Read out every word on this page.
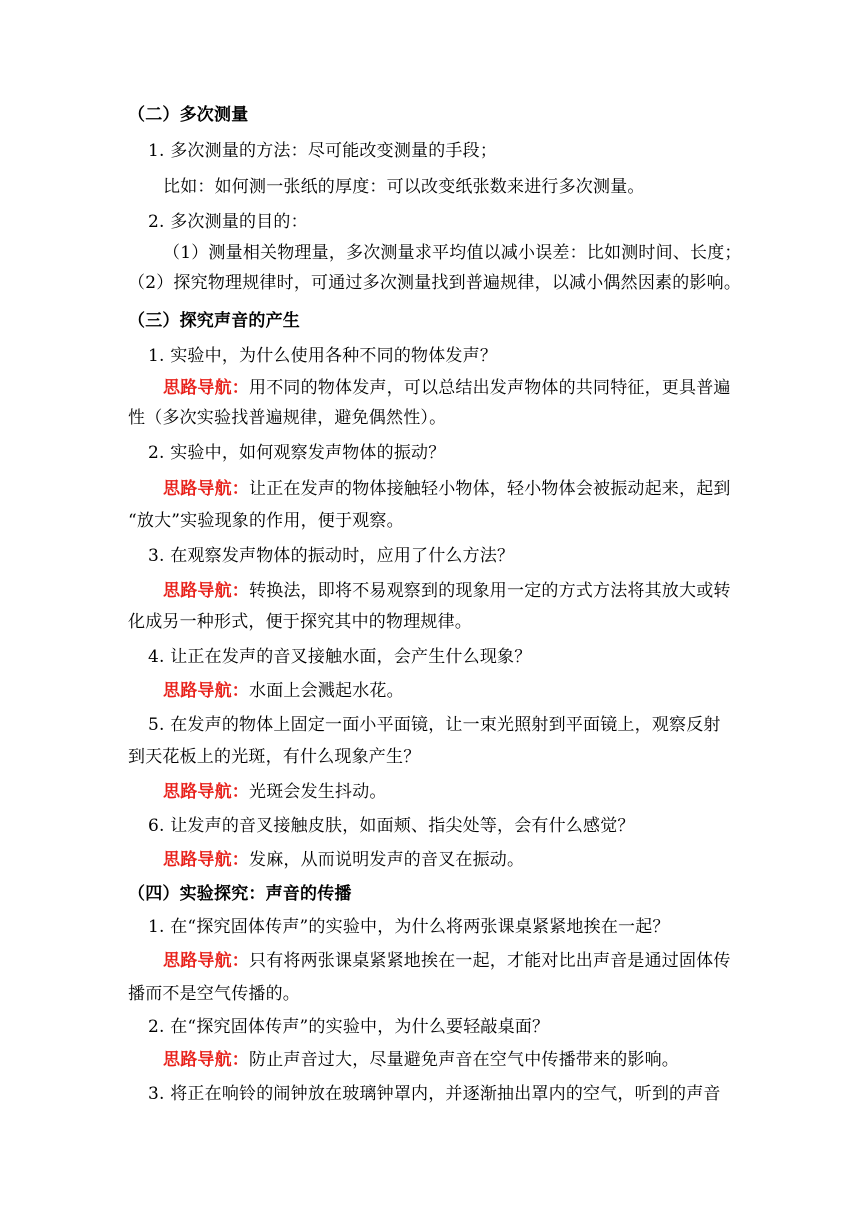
（二）多次测量
1. 多次测量的方法：尽可能改变测量的手段；
比如：如何测一张纸的厚度：可以改变纸张数来进行多次测量。
2. 多次测量的目的：
（1）测量相关物理量，多次测量求平均值以减小误差：比如测时间、长度；
（2）探究物理规律时，可通过多次测量找到普遍规律，以减小偶然因素的影响。
（三）探究声音的产生
1. 实验中，为什么使用各种不同的物体发声？
思路导航：用不同的物体发声，可以总结出发声物体的共同特征，更具普遍
性（多次实验找普遍规律，避免偶然性）。
2. 实验中，如何观察发声物体的振动？
思路导航：让正在发声的物体接触轻小物体，轻小物体会被振动起来，起到
“放大”实验现象的作用，便于观察。
3. 在观察发声物体的振动时，应用了什么方法？
思路导航：转换法，即将不易观察到的现象用一定的方式方法将其放大或转
化成另一种形式，便于探究其中的物理规律。
4. 让正在发声的音叉接触水面，会产生什么现象？
思路导航：水面上会溅起水花。
5. 在发声的物体上固定一面小平面镜，让一束光照射到平面镜上，观察反射
到天花板上的光斑，有什么现象产生？
思路导航：光斑会发生抖动。
6. 让发声的音叉接触皮肤，如面颊、指尖处等，会有什么感觉？
思路导航：发麻，从而说明发声的音叉在振动。
（四）实验探究：声音的传播
1. 在“探究固体传声”的实验中，为什么将两张课桌紧紧地挨在一起？
思路导航：只有将两张课桌紧紧地挨在一起，才能对比出声音是通过固体传
播而不是空气传播的。
2. 在“探究固体传声”的实验中，为什么要轻敲桌面？
思路导航：防止声音过大，尽量避免声音在空气中传播带来的影响。
3. 将正在响铃的闹钟放在玻璃钟罩内，并逐渐抽出罩内的空气，听到的声音
